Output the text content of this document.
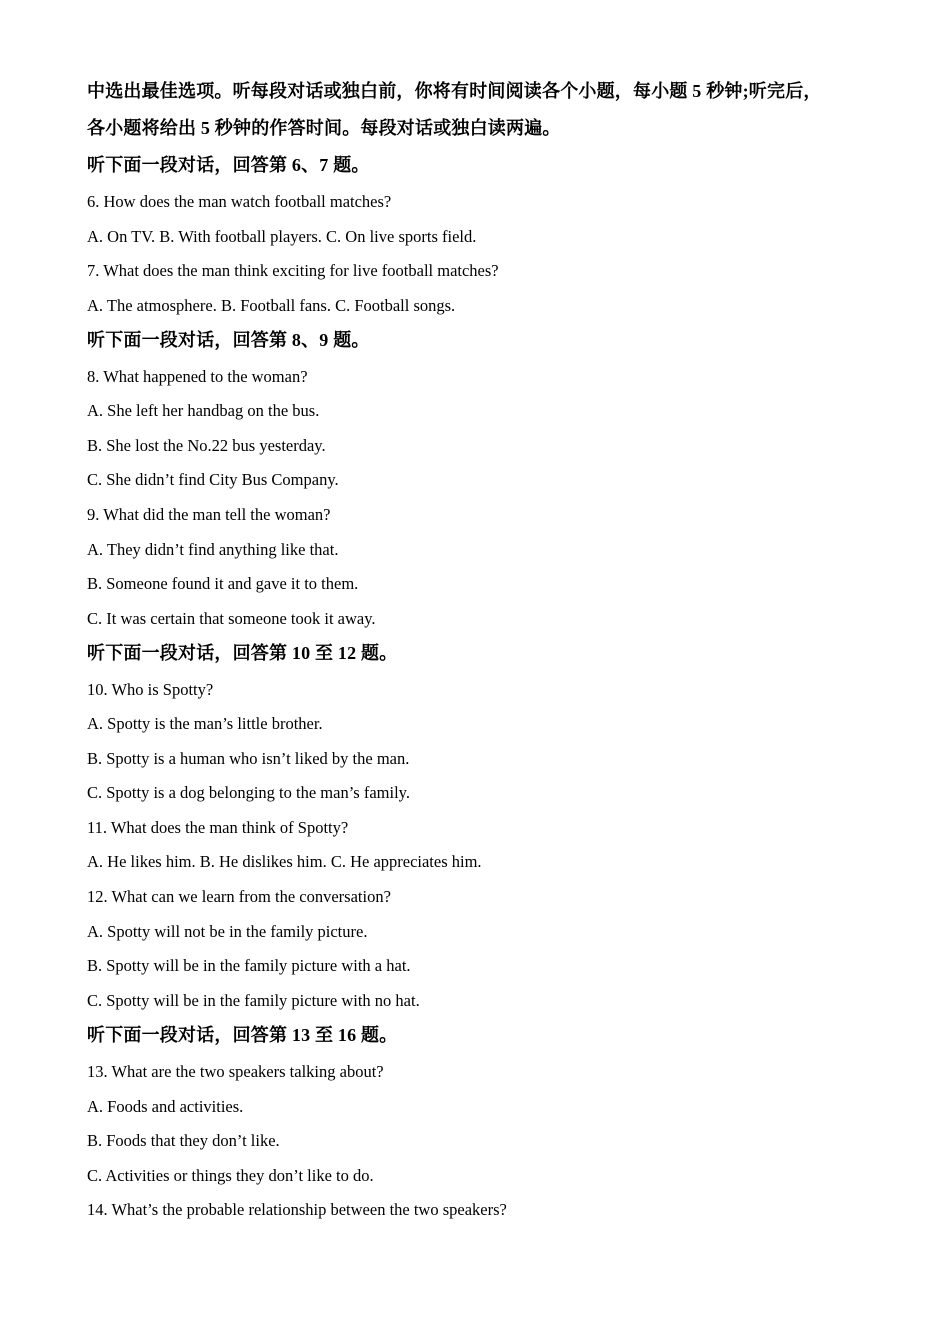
中选出最佳选项。听每段对话或独白前，你将有时间阅读各个小题，每小题 5 秒钟;听完后，
各小题将给出 5 秒钟的作答时间。每段对话或独白读两遍。
听下面一段对话，回答第 6、7 题。
6. How does the man watch football matches?
A. On TV. B. With football players. C. On live sports field.
7. What does the man think exciting for live football matches?
A. The atmosphere. B. Football fans. C. Football songs.
听下面一段对话，回答第 8、9 题。
8. What happened to the woman?
A. She left her handbag on the bus.
B. She lost the No.22 bus yesterday.
C. She didn’t find City Bus Company.
9. What did the man tell the woman?
A. They didn’t find anything like that.
B. Someone found it and gave it to them.
C. It was certain that someone took it away.
听下面一段对话，回答第 10 至 12 题。
10. Who is Spotty?
A. Spotty is the man’s little brother.
B. Spotty is a human who isn’t liked by the man.
C. Spotty is a dog belonging to the man’s family.
11. What does the man think of Spotty?
A. He likes him. B. He dislikes him. C. He appreciates him.
12. What can we learn from the conversation?
A. Spotty will not be in the family picture.
B. Spotty will be in the family picture with a hat.
C. Spotty will be in the family picture with no hat.
听下面一段对话，回答第 13 至 16 题。
13. What are the two speakers talking about?
A. Foods and activities.
B. Foods that they don’t like.
C. Activities or things they don’t like to do.
14. What’s the probable relationship between the two speakers?
